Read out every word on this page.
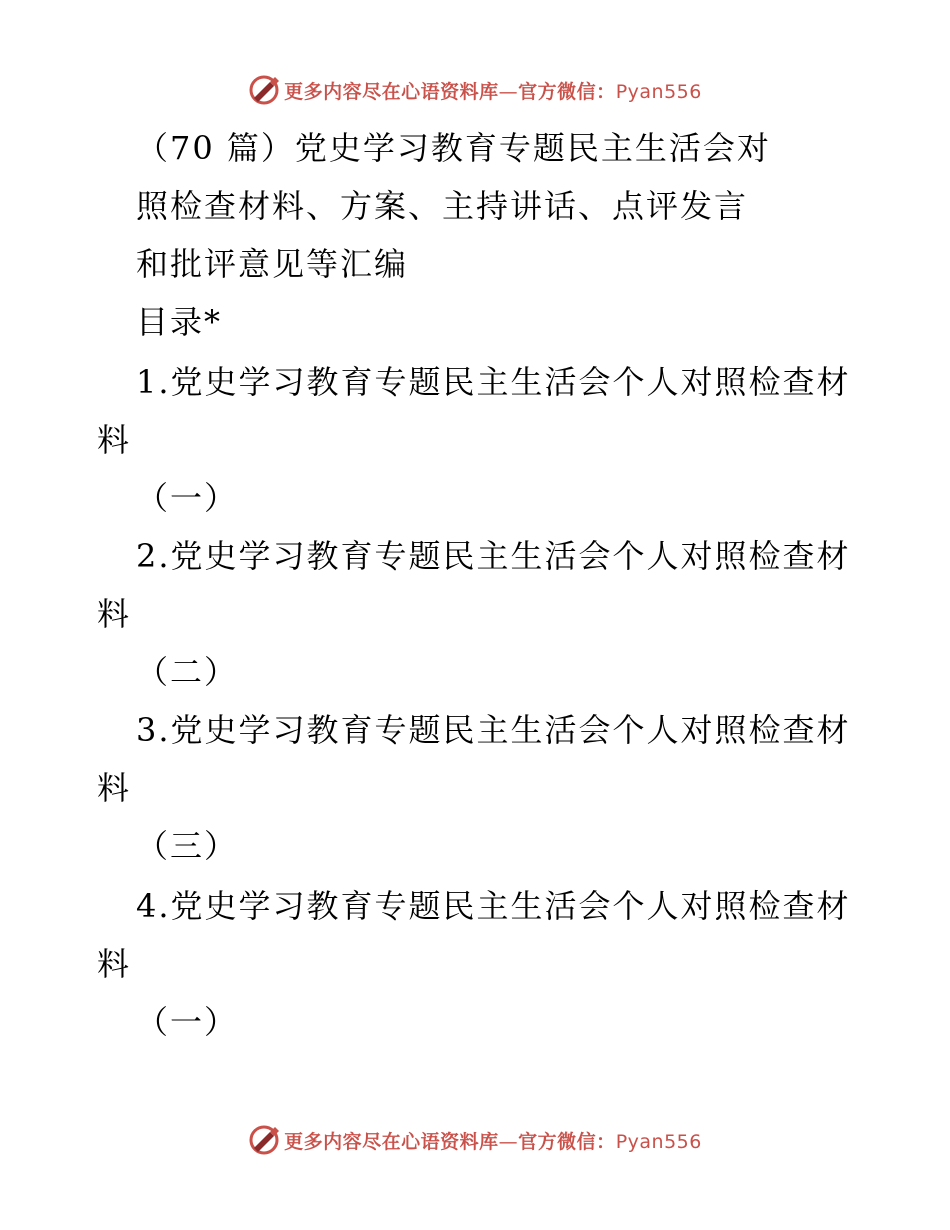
更多内容尽在心语资料库—官方微信：Pyan556
（70 篇）党史学习教育专题民主生活会对
照检查材料、方案、主持讲话、点评发言
和批评意见等汇编
目录*
1.党史学习教育专题民主生活会个人对照检查材
料
（一）
2.党史学习教育专题民主生活会个人对照检查材
料
（二）
3.党史学习教育专题民主生活会个人对照检查材
料
（三）
4.党史学习教育专题民主生活会个人对照检查材
料
（一）
更多内容尽在心语资料库—官方微信：Pyan556
